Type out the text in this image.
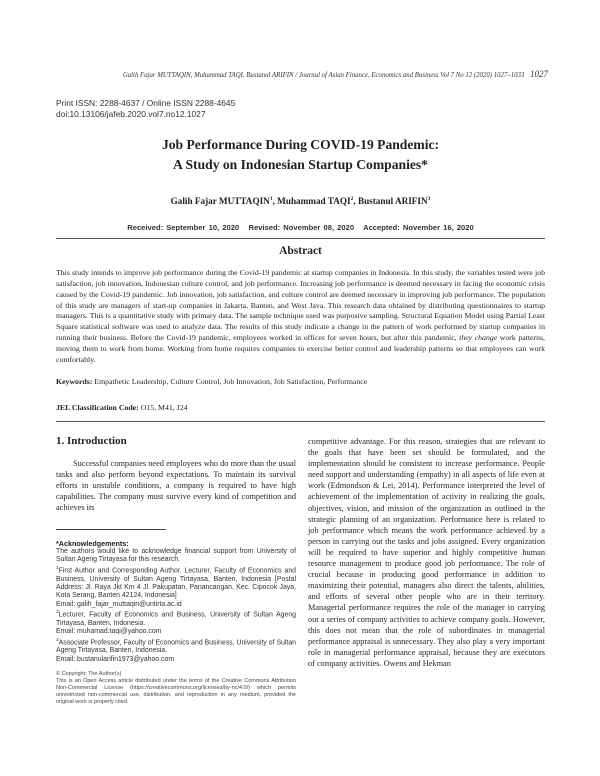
Galih Fajar MUTTAQIN, Muhammad TAQI, Bustanul ARIFIN / Journal of Asian Finance, Economics and Business Vol 7 No 12 (2020) 1027–1033 1027
Print ISSN: 2288-4637 / Online ISSN 2288-4645
doi:10.13106/jafeb.2020.vol7.no12.1027
Job Performance During COVID-19 Pandemic:
A Study on Indonesian Startup Companies*
Galih Fajar MUTTAQIN$^1$, Muhammad TAQI$^2$, Bustanul ARIFIN$^3$
Received: September 10, 2020   Revised: November 08, 2020   Accepted: November 16, 2020
Abstract
This study intends to improve job performance during the Covid-19 pandemic at startup companies in Indonesia. In this study, the variables tested were job satisfaction, job innovation, Indonesian culture control, and job performance. Increasing job performance is deemed necessary in facing the economic crisis caused by the Covid-19 pandemic. Job innovation, job satisfaction, and culture control are deemed necessary in improving job performance. The population of this study are managers of start-up companies in Jakarta, Banten, and West Java. This research data obtained by distributing questionnaires to startup managers. This is a quantitative study with primary data. The sample technique used was purposive sampling. Structural Equation Model using Partial Least Square statistical software was used to analyze data. The results of this study indicate a change in the pattern of work performed by startup companies in running their business. Before the Covid-19 pandemic, employees worked in offices for seven hours, but after this pandemic, they change work patterns, moving them to work from home. Working from home requires companies to exercise better control and leadership patterns so that employees can work comfortably.
Keywords: Empathetic Leadership, Culture Control, Job Innovation, Job Satisfaction, Performance
JEL Classification Code: O15, M41, J24
1. Introduction
Successful companies need employees who do more than the usual tasks and also perform beyond expectations. To maintain its survival efforts in unstable conditions, a company is required to have high capabilities. The company must survive every kind of competition and achieves its
competitive advantage. For this reason, strategies that are relevant to the goals that have been set should be formulated, and the implementation should be consistent to increase performance. People need support and understanding (empathy) in all aspects of life even at work (Edmondson & Lei, 2014). Performance interpreted the level of achievement of the implementation of activity in realizing the goals, objectives, vision, and mission of the organization as outlined in the strategic planning of an organization. Performance here is related to job performance which means the work performance achieved by a person in carrying out the tasks and jobs assigned. Every organization will be required to have superior and highly competitive human resource management to produce good job performance. The role of crucial because in producing good performance in addition to maximizing their potential, managers also direct the talents, abilities, and efforts of several other people who are in their territory. Managerial performance requires the role of the manager in carrying out a series of company activities to achieve company goals. However, this does not mean that the role of subordinates in managerial performance appraisal is unnecessary. They also play a very important role in managerial performance appraisal, because they are executors of company activities. Owens and Hekman
*Acknowledgements:
The authors would like to acknowledge financial support from University of Sultan Ageng Tirtayasa for this research.
$^1$First Author and Corresponding Author. Lecturer, Faculty of Economics and Business, University of Sultan Ageng Tirtayasa, Banten, Indonesia [Postal Address: Jl. Raya Jkt Km 4 Jl. Pakupatan, Panancangan, Kec. Cipocok Jaya, Kota Serang, Banten 42124, Indonesia]
Email: galih_fajar_muttaqin@untirta.ac.id
$^2$Lecturer, Faculty of Economics and Business, University of Sultan Ageng Tirtayasa, Banten, Indonesia.
Email: muhamad.taqi@yahoo.com
$^3$Associate Professor, Faculty of Economics and Business, University of Sultan Ageng Tirtayasa, Banten, Indonesia.
Email: bustanularifin1973@yahoo.com
© Copyright: The Author(s)
This is an Open Access article distributed under the terms of the Creative Commons Attribution Non-Commercial License (https://creativecommons.org/licenses/by-nc/4.0/) which permits unrestricted non-commercial use, distribution, and reproduction in any medium, provided the original work is properly cited.
